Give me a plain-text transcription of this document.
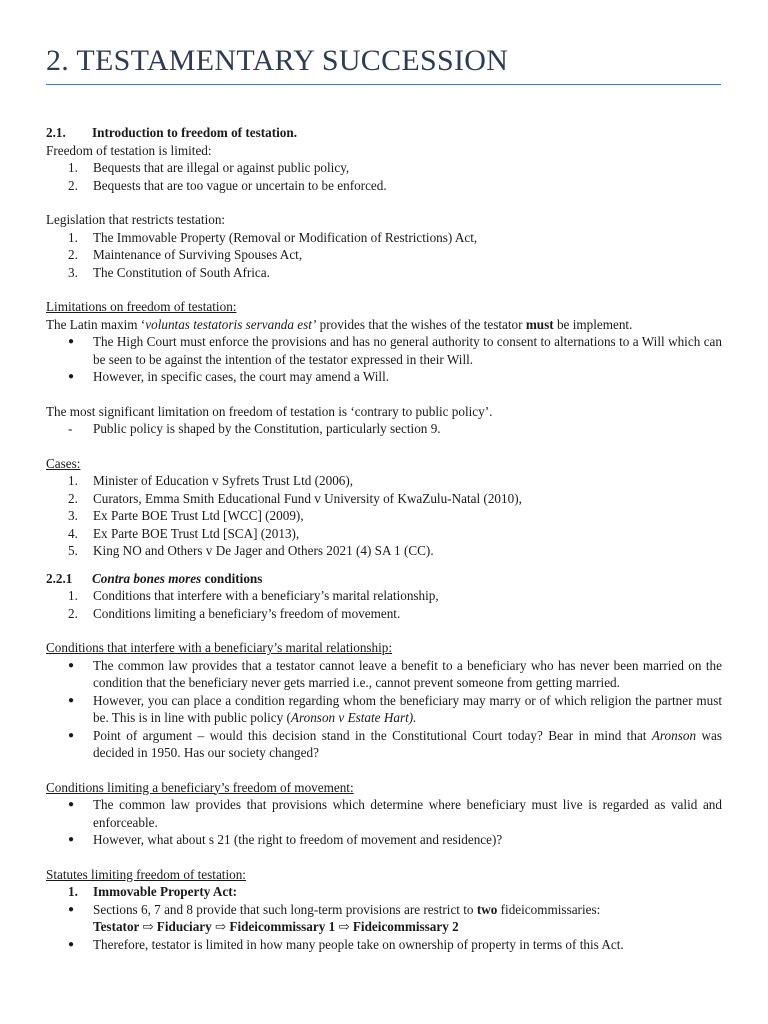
2. TESTAMENTARY SUCCESSION

2.1. Introduction to freedom of testation.

Freedom of testation is limited:

1. Bequests that are illegal or against public policy,
2. Bequests that are too vague or uncertain to be enforced.

Legislation that restricts testation:

1. The Immovable Property (Removal or Modification of Restrictions) Act,
2. Maintenance of Surviving Spouses Act,
3. The Constitution of South Africa.

Limitations on freedom of testation:

The Latin maxim ‘voluntas testatoris servanda est’ provides that the wishes of the testator must be implement.

● The High Court must enforce the provisions and has no general authority to consent to alternations to a Will which can be seen to be against the intention of the testator expressed in their Will.
● However, in specific cases, the court may amend a Will.

The most significant limitation on freedom of testation is ‘contrary to public policy’.

- Public policy is shaped by the Constitution, particularly section 9.

Cases:

1. Minister of Education v Syfrets Trust Ltd (2006),
2. Curators, Emma Smith Educational Fund v University of KwaZulu-Natal (2010),
3. Ex Parte BOE Trust Ltd [WCC] (2009),
4. Ex Parte BOE Trust Ltd [SCA] (2013),
5. King NO and Others v De Jager and Others 2021 (4) SA 1 (CC).

2.2.1 Contra bones mores conditions

1. Conditions that interfere with a beneficiary’s marital relationship,
2. Conditions limiting a beneficiary’s freedom of movement.

Conditions that interfere with a beneficiary’s marital relationship:

● The common law provides that a testator cannot leave a benefit to a beneficiary who has never been married on the condition that the beneficiary never gets married i.e., cannot prevent someone from getting married.
● However, you can place a condition regarding whom the beneficiary may marry or of which religion the partner must be. This is in line with public policy (Aronson v Estate Hart).
● Point of argument – would this decision stand in the Constitutional Court today? Bear in mind that Aronson was decided in 1950. Has our society changed?

Conditions limiting a beneficiary’s freedom of movement:

● The common law provides that provisions which determine where beneficiary must live is regarded as valid and enforceable.
● However, what about s 21 (the right to freedom of movement and residence)?

Statutes limiting freedom of testation:

1. Immovable Property Act:
● Sections 6, 7 and 8 provide that such long-term provisions are restrict to two fideicommissaries:
Testator ⇨ Fiduciary ⇨ Fideicommissary 1 ⇨ Fideicommissary 2
● Therefore, testator is limited in how many people take on ownership of property in terms of this Act.
